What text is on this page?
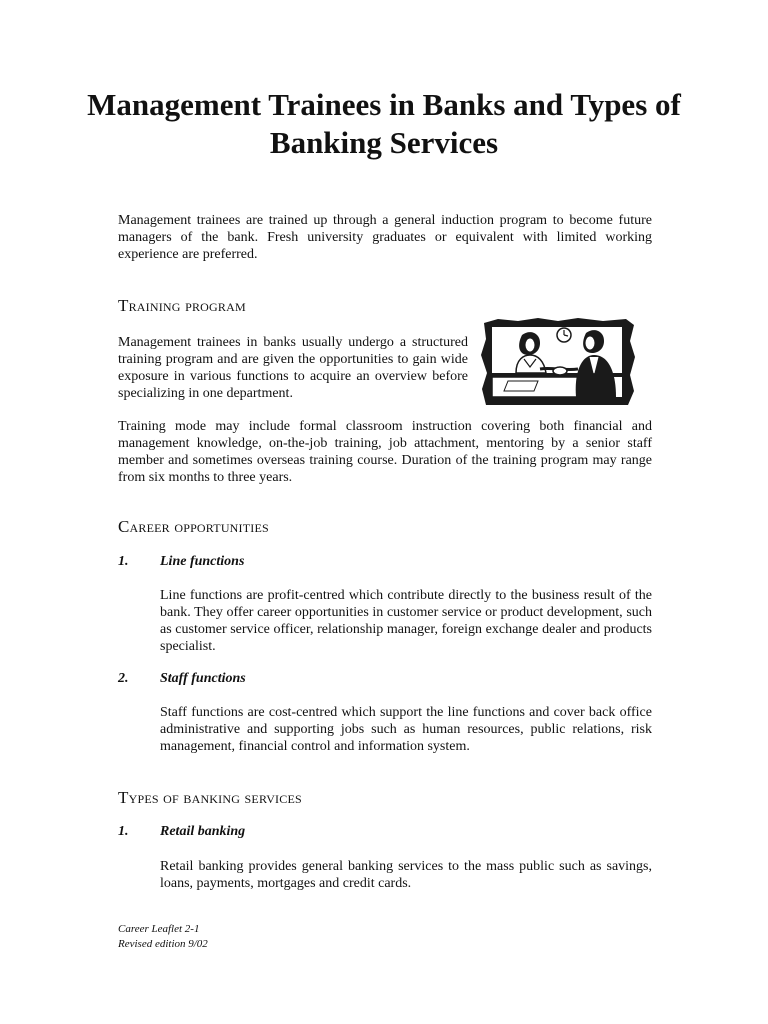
Management Trainees in Banks and Types of Banking Services

Management trainees are trained up through a general induction program to become future managers of the bank. Fresh university graduates or equivalent with limited working experience are preferred.

Training program

Management trainees in banks usually undergo a structured training program and are given the opportunities to gain wide exposure in various functions to acquire an overview before specializing in one department.

Training mode may include formal classroom instruction covering both financial and management knowledge, on-the-job training, job attachment, mentoring by a senior staff member and sometimes overseas training course. Duration of the training program may range from six months to three years.

Career opportunities

1. Line functions

Line functions are profit-centred which contribute directly to the business result of the bank. They offer career opportunities in customer service or product development, such as customer service officer, relationship manager, foreign exchange dealer and products specialist.

2. Staff functions

Staff functions are cost-centred which support the line functions and cover back office administrative and supporting jobs such as human resources, public relations, risk management, financial control and information system.

Types of banking services

1. Retail banking

Retail banking provides general banking services to the mass public such as savings, loans, payments, mortgages and credit cards.

Career Leaflet 2-1
Revised edition 9/02
